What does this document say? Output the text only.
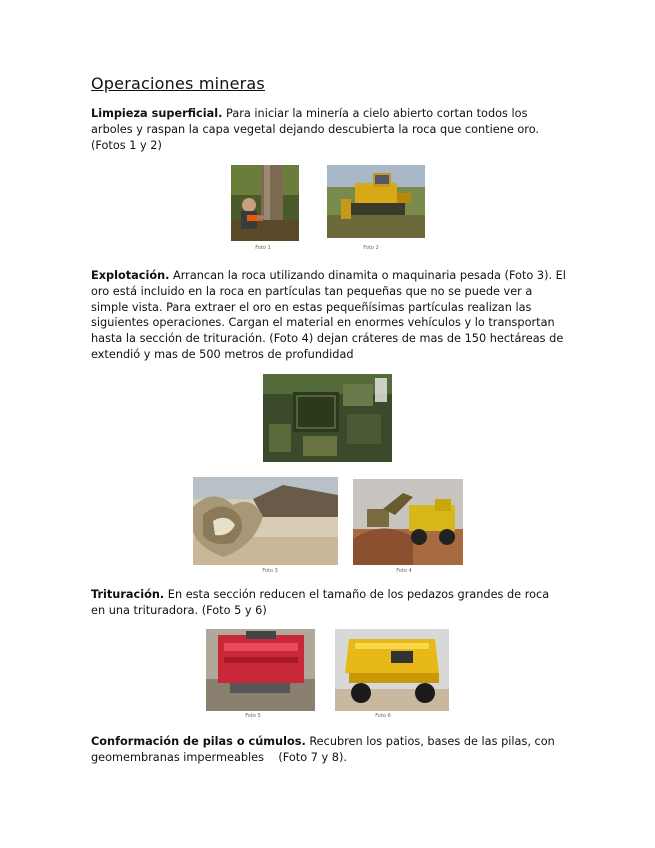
Operaciones mineras

Limpieza superficial. Para iniciar la minería a cielo abierto cortan todos los arboles y raspan la capa vegetal dejando descubierta la roca que contiene oro. (Fotos 1 y 2)

Foto 1	Foto 2

Explotación. Arrancan la roca utilizando dinamita o maquinaria pesada (Foto 3). El oro está incluido en la roca en partículas tan pequeñas que no se puede ver a simple vista. Para extraer el oro en estas pequeñísimas partículas realizan las siguientes operaciones. Cargan el material en enormes vehículos y lo transportan hasta la sección de trituración. (Foto 4) dejan cráteres de mas de 150 hectáreas de extendió y mas de 500 metros de profundidad

Foto 3	Foto 4

Trituración. En esta sección reducen el tamaño de los pedazos grandes de roca en una trituradora. (Foto 5 y 6)

Foto 5	Foto 6

Conformación de pilas o cúmulos. Recubren los patios, bases de las pilas, con geomembranas impermeables    (Foto 7 y 8).
